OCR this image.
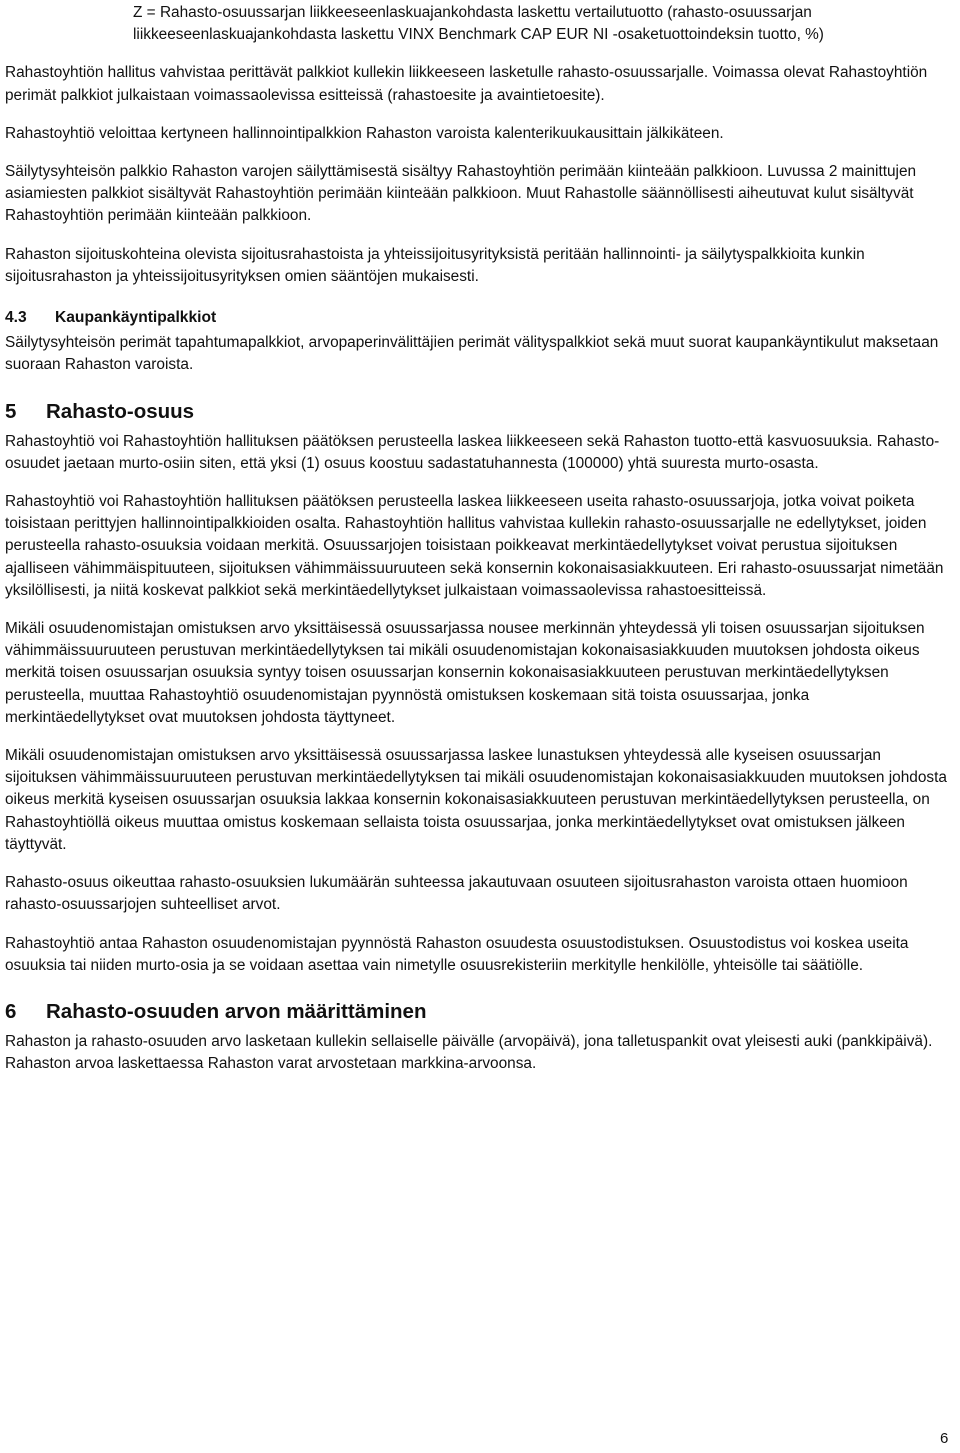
Z = Rahasto-osuussarjan liikkeeseenlaskuajankohdasta laskettu vertailutuotto (rahasto-osuussarjan liikkeeseenlaskuajankohdasta laskettu VINX Benchmark CAP EUR NI -osaketuottoindeksin tuotto, %)

Rahastoyhtiön hallitus vahvistaa perittävät palkkiot kullekin liikkeeseen lasketulle rahasto-osuussarjalle. Voimassa olevat Rahastoyhtiön perimät palkkiot julkaistaan voimassaolevissa esitteissä (rahastoesite ja avaintietoesite).

Rahastoyhtiö veloittaa kertyneen hallinnointipalkkion Rahaston varoista kalenterikuukausittain jälkikäteen.

Säilytysyhteisön palkkio Rahaston varojen säilyttämisestä sisältyy Rahastoyhtiön perimään kiinteään palkkioon. Luvussa 2 mainittujen asiamiesten palkkiot sisältyvät Rahastoyhtiön perimään kiinteään palkkioon. Muut Rahastolle säännöllisesti aiheutuvat kulut sisältyvät Rahastoyhtiön perimään kiinteään palkkioon.

Rahaston sijoituskohteina olevista sijoitusrahastoista ja yhteissijoitusyrityksistä peritään hallinnointi- ja säilytyspalkkioita kunkin sijoitusrahaston ja yhteissijoitusyrityksen omien sääntöjen mukaisesti.

4.3 Kaupankäyntipalkkiot

Säilytysyhteisön perimät tapahtumapalkkiot, arvopaperinvälittäjien perimät välityspalkkiot sekä muut suorat kaupankäyntikulut maksetaan suoraan Rahaston varoista.

5 Rahasto-osuus

Rahastoyhtiö voi Rahastoyhtiön hallituksen päätöksen perusteella laskea liikkeeseen sekä Rahaston tuotto-että kasvuosuuksia. Rahasto-osuudet jaetaan murto-osiin siten, että yksi (1) osuus koostuu sadastatuhannesta (100000) yhtä suuresta murto-osasta.

Rahastoyhtiö voi Rahastoyhtiön hallituksen päätöksen perusteella laskea liikkeeseen useita rahasto-osuussarjoja, jotka voivat poiketa toisistaan perittyjen hallinnointipalkkioiden osalta. Rahastoyhtiön hallitus vahvistaa kullekin rahasto-osuussarjalle ne edellytykset, joiden perusteella rahasto-osuuksia voidaan merkitä. Osuussarjojen toisistaan poikkeavat merkintäedellytykset voivat perustua sijoituksen ajalliseen vähimmäispituuteen, sijoituksen vähimmäissuuruuteen sekä konsernin kokonaisasiakkuuteen. Eri rahasto-osuussarjat nimetään yksilöllisesti, ja niitä koskevat palkkiot sekä merkintäedellytykset julkaistaan voimassaolevissa rahastoesitteissä.

Mikäli osuudenomistajan omistuksen arvo yksittäisessä osuussarjassa nousee merkinnän yhteydessä yli toisen osuussarjan sijoituksen vähimmäissuuruuteen perustuvan merkintäedellytyksen tai mikäli osuudenomistajan kokonaisasiakkuuden muutoksen johdosta oikeus merkitä toisen osuussarjan osuuksia syntyy toisen osuussarjan konsernin kokonaisasiakkuuteen perustuvan merkintäedellytyksen perusteella, muuttaa Rahastoyhtiö osuudenomistajan pyynnöstä omistuksen koskemaan sitä toista osuussarjaa, jonka merkintäedellytykset ovat muutoksen johdosta täyttyneet.

Mikäli osuudenomistajan omistuksen arvo yksittäisessä osuussarjassa laskee lunastuksen yhteydessä alle kyseisen osuussarjan sijoituksen vähimmäissuuruuteen perustuvan merkintäedellytyksen tai mikäli osuudenomistajan kokonaisasiakkuuden muutoksen johdosta oikeus merkitä kyseisen osuussarjan osuuksia lakkaa konsernin kokonaisasiakkuuteen perustuvan merkintäedellytyksen perusteella, on Rahastoyhtiöllä oikeus muuttaa omistus koskemaan sellaista toista osuussarjaa, jonka merkintäedellytykset ovat omistuksen jälkeen täyttyvät.

Rahasto-osuus oikeuttaa rahasto-osuuksien lukumäärän suhteessa jakautuvaan osuuteen sijoitusrahaston varoista ottaen huomioon rahasto-osuussarjojen suhteelliset arvot.

Rahastoyhtiö antaa Rahaston osuudenomistajan pyynnöstä Rahaston osuudesta osuustodistuksen. Osuustodistus voi koskea useita osuuksia tai niiden murto-osia ja se voidaan asettaa vain nimetylle osuusrekisteriin merkitylle henkilölle, yhteisölle tai säätiölle.

6 Rahasto-osuuden arvon määrittäminen

Rahaston ja rahasto-osuuden arvo lasketaan kullekin sellaiselle päivälle (arvopäivä), jona talletuspankit ovat yleisesti auki (pankkipäivä). Rahaston arvoa laskettaessa Rahaston varat arvostetaan markkina-arvoonsa.

6
